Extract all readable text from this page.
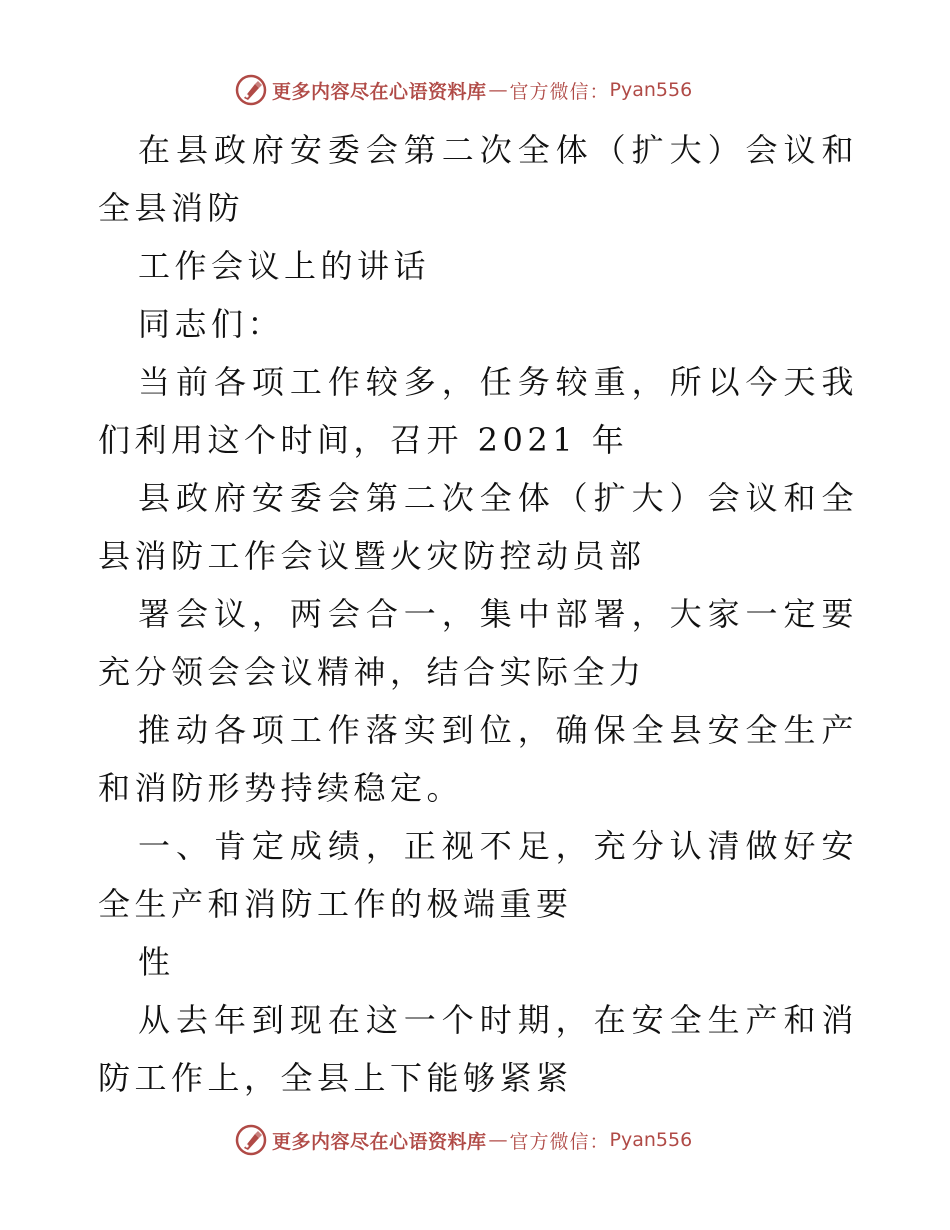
更多内容尽在心语资料库 — 官方微信： Pyan556

在县政府安委会第二次全体（扩大）会议和全县消防

工作会议上的讲话

同志们：

当前各项工作较多，任务较重，所以今天我们利用这个时间，召开 2021 年

县政府安委会第二次全体（扩大）会议和全县消防工作会议暨火灾防控动员部

署会议，两会合一，集中部署，大家一定要充分领会会议精神，结合实际全力

推动各项工作落实到位，确保全县安全生产和消防形势持续稳定。

一、肯定成绩，正视不足，充分认清做好安全生产和消防工作的极端重要

性

从去年到现在这一个时期，在安全生产和消防工作上，全县上下能够紧紧

更多内容尽在心语资料库 — 官方微信： Pyan556
